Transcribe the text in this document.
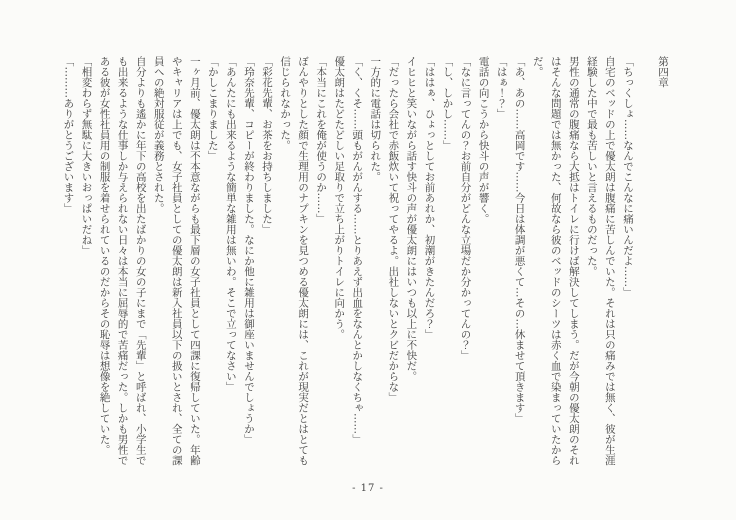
第四章

「ちっくしょ……なんでこんなに痛いんだよ……」

自宅のベッドの上で優太朗は腹痛に苦しんでいた。それは只の痛みでは無く、彼が生涯経験した中で最も苦しいと言えるものだった。

男性の通常の腹痛なら大抵はトイレに行けば解決してしまう。だが今朝の優太朗のそれはそんな問題では無かった、何故なら彼のベッドのシーツは赤く血で染まっていたからだ。

「あ、あの……高岡です……今日は体調が悪くて…その…休ませて頂きます」

「はぁ！？」

電話の向こうから快斗の声が響く。

「なに言ってんの？お前自分がどんな立場だか分かってんの？」

「し、しかし……」

「ははぁ、ひょっとしてお前あれか、初潮がきたんだろ？」

イヒヒと笑いながら話す快斗の声が優太朗にはいつも以上に不快だ。

「だったら会社で赤飯炊いて祝ってやるよ。出社しないとクビだからな」

一方的に電話は切られた。

「く、くそ……頭もがんがんする……とりあえず出血をなんとかしなくちゃ……」

優太朗はたどたどしい足取りで立ち上がりトイレに向かう。

「本当にこれを俺が使うのか……」

ぼんやりとした顔で生理用のナプキンを見つめる優太朗には、これが現実だとはとても信じられなかった。

「彩花先輩、お茶をお持ちしました」

「玲奈先輩、コピーが終わりました。なにか他に雑用は御座いませんでしょうか」

「あんたにも出来るような簡単な雑用は無いわ。そこで立ってなさい」

「かしこまりました」

一ヶ月前、優太朗は不本意ながらも最下層の女子社員として四課に復帰していた。年齢やキャリアは上でも、女子社員としての優太朗は新入社員以下の扱いとされ、全ての課員への絶対服従が義務とされた。

自分よりも遙かに年下の高校を出たばかりの女の子にまで「先輩」と呼ばれ、小学生でも出来るような仕事しか与えられない日々は本当に屈辱的で苦痛だった。しかも男性である彼が女性社員用の制服を着せられているのだからその恥辱は想像を絶していた。

「相変わらず無駄に大きいおっぱいだね」

「………ありがとうございます」

- 17 -
